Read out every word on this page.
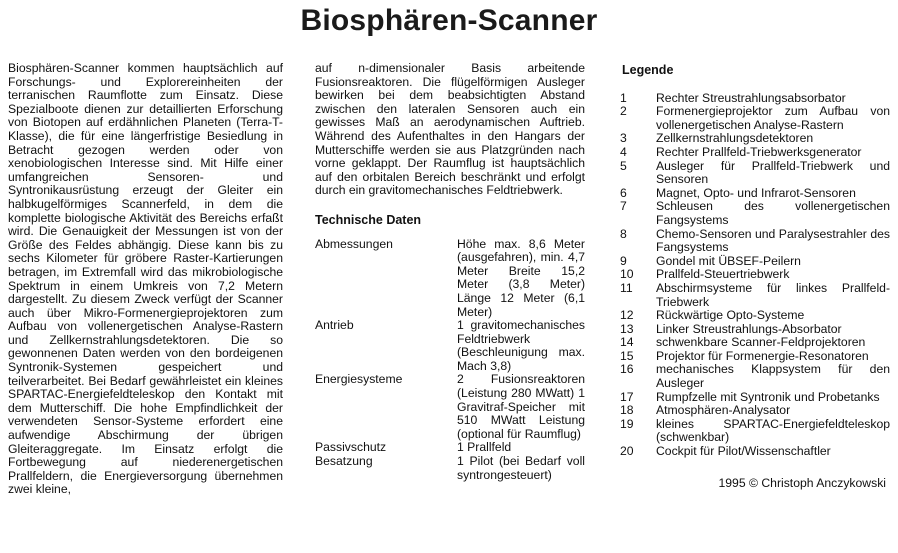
Biosphären-Scanner

Biosphären-Scanner kommen hauptsächlich auf Forschungs- und Explorereinheiten der terranischen Raumflotte zum Einsatz. Diese Spezialboote dienen zur detaillierten Erforschung von Biotopen auf erdähnlichen Planeten (Terra-T-Klasse), die für eine längerfristige Besiedlung in Betracht gezogen werden oder von xenobiologischen Interesse sind. Mit Hilfe einer umfangreichen Sensoren- und Syntronikausrüstung erzeugt der Gleiter ein halbkugelförmiges Scannerfeld, in dem die komplette biologische Aktivität des Bereichs erfaßt wird. Die Genauigkeit der Messungen ist von der Größe des Feldes abhängig. Diese kann bis zu sechs Kilometer für gröbere Raster-Kartierungen betragen, im Extremfall wird das mikrobiologische Spektrum in einem Umkreis von 7,2 Metern dargestellt. Zu diesem Zweck verfügt der Scanner auch über Mikro-Formenergieprojektoren zum Aufbau von vollenergetischen Analyse-Rastern und Zellkernstrahlungsdetektoren. Die so gewonnenen Daten werden von den bordeigenen Syntronik-Systemen gespeichert und teilverarbeitet. Bei Bedarf gewährleistet ein kleines SPARTAC-Energiefeldteleskop den Kontakt mit dem Mutterschiff. Die hohe Empfindlichkeit der verwendeten Sensor-Systeme erfordert eine aufwendige Abschirmung der übrigen Gleiteraggregate. Im Einsatz erfolgt die Fortbewegung auf niederenergetischen Prallfeldern, die Energieversorgung übernehmen zwei kleine,

auf n-dimensionaler Basis arbeitende Fusionsreaktoren. Die flügelförmigen Ausleger bewirken bei dem beabsichtigten Abstand zwischen den lateralen Sensoren auch ein gewisses Maß an aerodynamischen Auftrieb. Während des Aufenthaltes in den Hangars der Mutterschiffe werden sie aus Platzgründen nach vorne geklappt. Der Raumflug ist hauptsächlich auf den orbitalen Bereich beschränkt und erfolgt durch ein gravitomechanisches Feldtriebwerk.

Technische Daten
Abmessungen	Höhe max. 8,6 Meter (ausgefahren), min. 4,7 Meter Breite 15,2 Meter (3,8 Meter) Länge 12 Meter (6,1 Meter)
Antrieb	1 gravitomechanisches Feldtriebwerk (Beschleunigung max. Mach 3,8)
Energiesysteme	2 Fusionsreaktoren (Leistung 280 MWatt) 1 Gravitraf-Speicher mit 510 MWatt Leistung (optional für Raumflug)
Passivschutz	1 Prallfeld
Besatzung	1 Pilot (bei Bedarf voll syntrongesteuert)
Legende
1	Rechter Streustrahlungsabsorbator
2	Formenergieprojektor zum Aufbau von vollenergetischen Analyse-Rastern
3	Zellkernstrahlungsdetektoren
4	Rechter Prallfeld-Triebwerksgenerator
5	Ausleger für Prallfeld-Triebwerk und Sensoren
6	Magnet, Opto- und Infrarot-Sensoren
7	Schleusen des vollenergetischen Fangsystems
8	Chemo-Sensoren und Paralysestrahler des Fangsystems
9	Gondel mit ÜBSEF-Peilern
10	Prallfeld-Steuertriebwerk
11	Abschirmsysteme für linkes Prallfeld-Triebwerk
12	Rückwärtige Opto-Systeme
13	Linker Streustrahlungs-Absorbator
14	schwenkbare Scanner-Feldprojektoren
15	Projektor für Formenergie-Resonatoren
16	mechanisches Klappsystem für den Ausleger
17	Rumpfzelle mit Syntronik und Probetanks
18	Atmosphären-Analysator
19	kleines SPARTAC-Energiefeldteleskop (schwenkbar)
20	Cockpit für Pilot/Wissenschaftler
1995 © Christoph Anczykowski
